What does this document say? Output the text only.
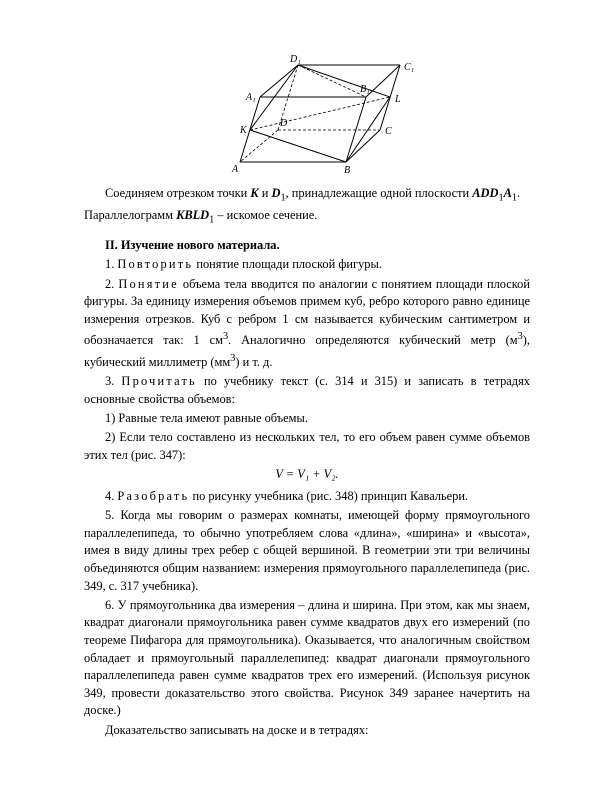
D₁
C₁
A₁
B₁
L
K
D
C
A	B

Соединяем отрезком точки K и $D_1$, принадлежащие одной плоскости $ADD_1A_1$.
Параллелограмм $KBLD_1$ – искомое сечение.

II. Изучение нового материала.

1. Повторить понятие площади плоской фигуры.

2. Понятие объема тела вводится по аналогии с понятием площади плоской фигуры. За единицу измерения объемов примем куб, ребро которого равно единице измерения отрезков. Куб с ребром 1 см называется кубическим сантиметром и обозначается так: 1 $см^3$. Аналогично определяются кубический метр $(м^3)$, кубический миллиметр $(мм^3)$ и т. д.

3. Прочитать по учебнику текст (с. 314 и 315) и записать в тетрадях основные свойства объемов:

1) Равные тела имеют равные объемы.

2) Если тело составлено из нескольких тел, то его объем равен сумме объемов этих тел (рис. 347):

V = V₁ + V₂.

4. Разобрать по рисунку учебника (рис. 348) принцип Кавальери.

5. Когда мы говорим о размерах комнаты, имеющей форму прямоугольного параллелепипеда, то обычно употребляем слова «длина», «ширина» и «высота», имея в виду длины трех ребер с общей вершиной. В геометрии эти три величины объединяются общим названием: измерения прямоугольного параллелепипеда (рис. 349, с. 317 учебника).

6. У прямоугольника два измерения – длина и ширина. При этом, как мы знаем, квадрат диагонали прямоугольника равен сумме квадратов двух его измерений (по теореме Пифагора для прямоугольника). Оказывается, что аналогичным свойством обладает и прямоугольный параллелепипед: квадрат диагонали прямоугольного параллелепипеда равен сумме квадратов трех его измерений. (Используя рисунок 349, провести доказательство этого свойства. Рисунок 349 заранее начертить на доске.)

Доказательство записывать на доске и в тетрадях:
